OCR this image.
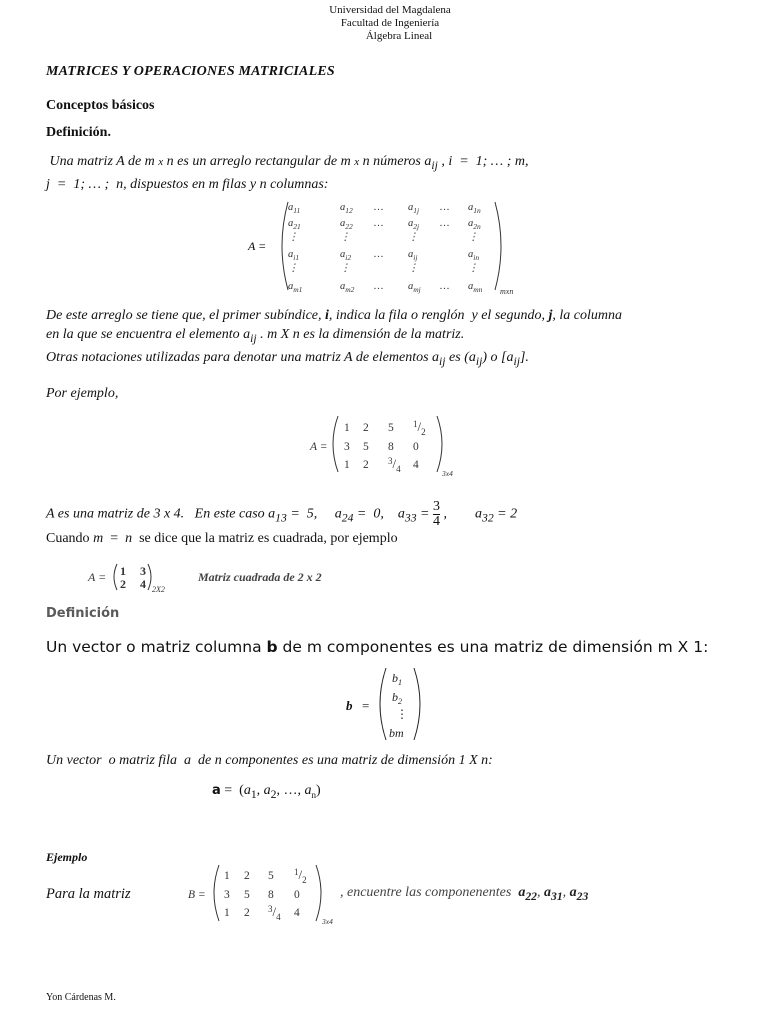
Universidad del Magdalena
Facultad de Ingeniería
Álgebra Lineal
MATRICES Y OPERACIONES MATRICIALES
Conceptos básicos
Definición.
Una matriz A de m x n es un arreglo rectangular de m x n números $a_{ij}$ , i  =  1; … ; m,
j  =  1; … ;  n, dispuestos en m filas y n columnas:
A =
$a_{11}$	$a_{12}$ … $a_{1j}$ … $a_{1n}$
$a_{21}$	$a_{22}$ … $a_{2j}$ … $a_{2n}$
⋮	⋮	⋮	⋮
$a_{i1}$	$a_{i2}$ … $a_{ij}$	$a_{in}$
⋮	⋮	⋮	⋮
$a_{m1}$	$a_{m2}$ … $a_{mj}$ … $a_{mn}$ mxn
De este arreglo se tiene que, el primer subíndice, i, indica la fila o renglón  y el segundo, j, la columna
en la que se encuentra el elemento $a_{ij}$ . m X n es la dimensión de la matriz.
Otras notaciones utilizadas para denotar una matriz A de elementos $a_{ij}$ es $(a_{ij})$ o $[a_{ij}]$.
Por ejemplo,
A =
1 2 5 $^1/_2$
3 5 8 0
1 2 $^3/_4$ 4
3x4
A es una matriz de 3 x 4.   En este caso $a_{13} = 5$,     $a_{24} = 0$,    $a_{33} = \frac{3}{4}$ ,        $a_{32} = 2$
Cuando m  =  n  se dice que la matriz es cuadrada, por ejemplo
A = 1 3
2 4 2X2
Matriz cuadrada de 2 x 2
Definición
Un vector o matriz columna b de m componentes es una matriz de dimensión m X 1:
b =
$b_1$
$b_2$
⋮
bm
Un vector  o matriz fila  a  de n componentes es una matriz de dimensión 1 X n:
$a = (a_1$, $a_2$, …, $a_n$)
Ejemplo
Para la matriz	B =
1 2 5 $^1/_2$
3 5 8 0
1 2 $^3/_4$ 4
3x4
, encuentre las componenentes  $a_{22}$, $a_{31}$, $a_{23}$
Yon Cárdenas M.
